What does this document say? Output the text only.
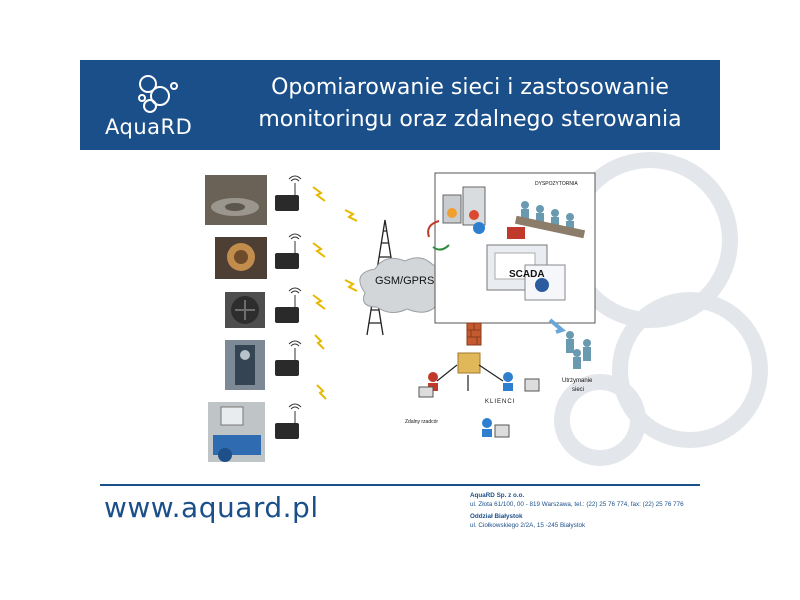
AquaRD
Opomiarowanie sieci i zastosowanie
monitoringu oraz zdalnego sterowania
GSM/GPRS
DYSPOZYTORNIA
SCADA
Utrzymanie
sieci
KLIENCI
Zdalny rzadcór
www.aquard.pl	AquaRD Sp. z o.o.
ul. Złota 61/100, 00 - 819 Warszawa, tel.: (22) 25 76 774, fax: (22) 25 76 776
Oddział Białystok
ul. Ciołkowskiego 2/2A, 15 -245 Białystok
